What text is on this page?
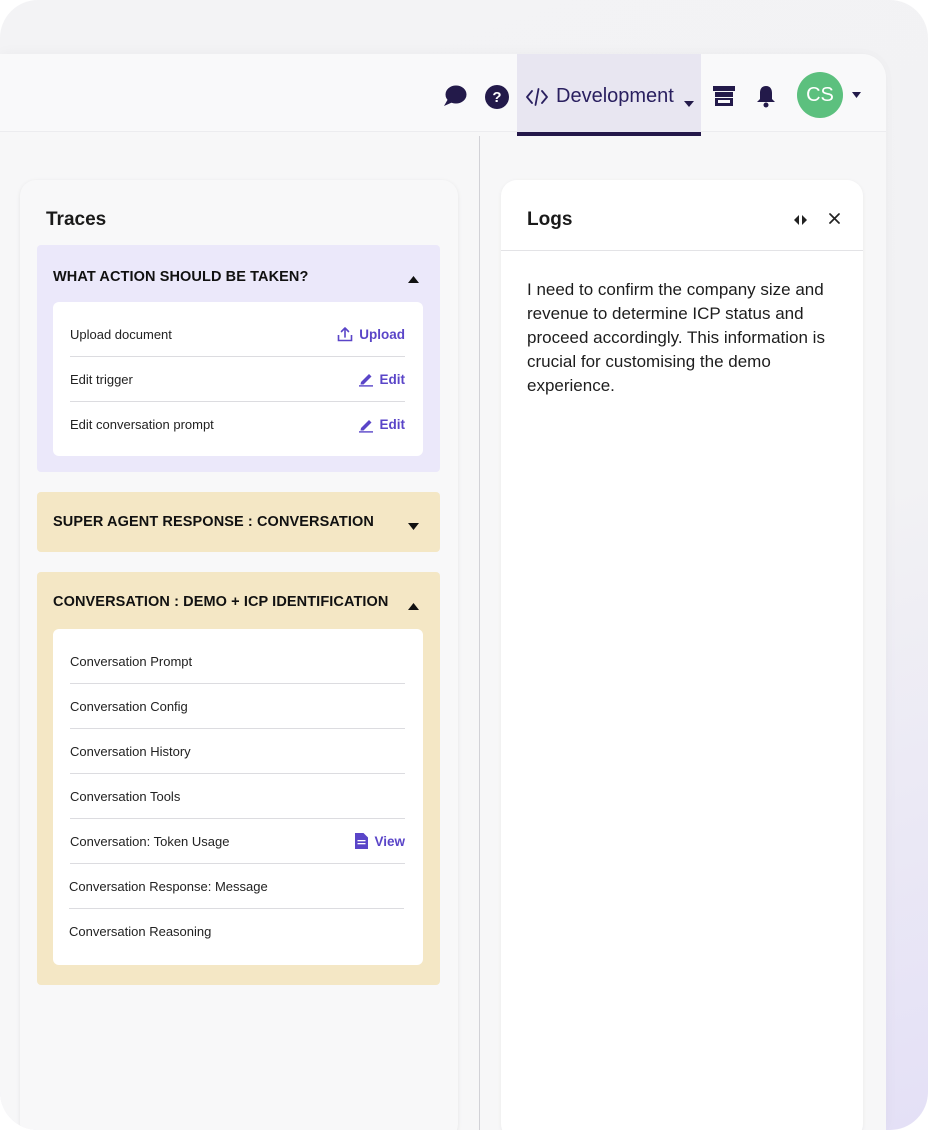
?	Development	CS
Traces
WHAT ACTION SHOULD BE TAKEN?
Upload document	Upload
Edit trigger	Edit
Edit conversation prompt	Edit
SUPER AGENT RESPONSE : CONVERSATION
CONVERSATION : DEMO + ICP IDENTIFICATION
Conversation Prompt
Conversation Config
Conversation History
Conversation Tools
Conversation: Token Usage	View
Conversation Response: Message
Conversation Reasoning
Logs
I need to confirm the company size and revenue to determine ICP status and proceed accordingly. This information is crucial for customising the demo experience.
